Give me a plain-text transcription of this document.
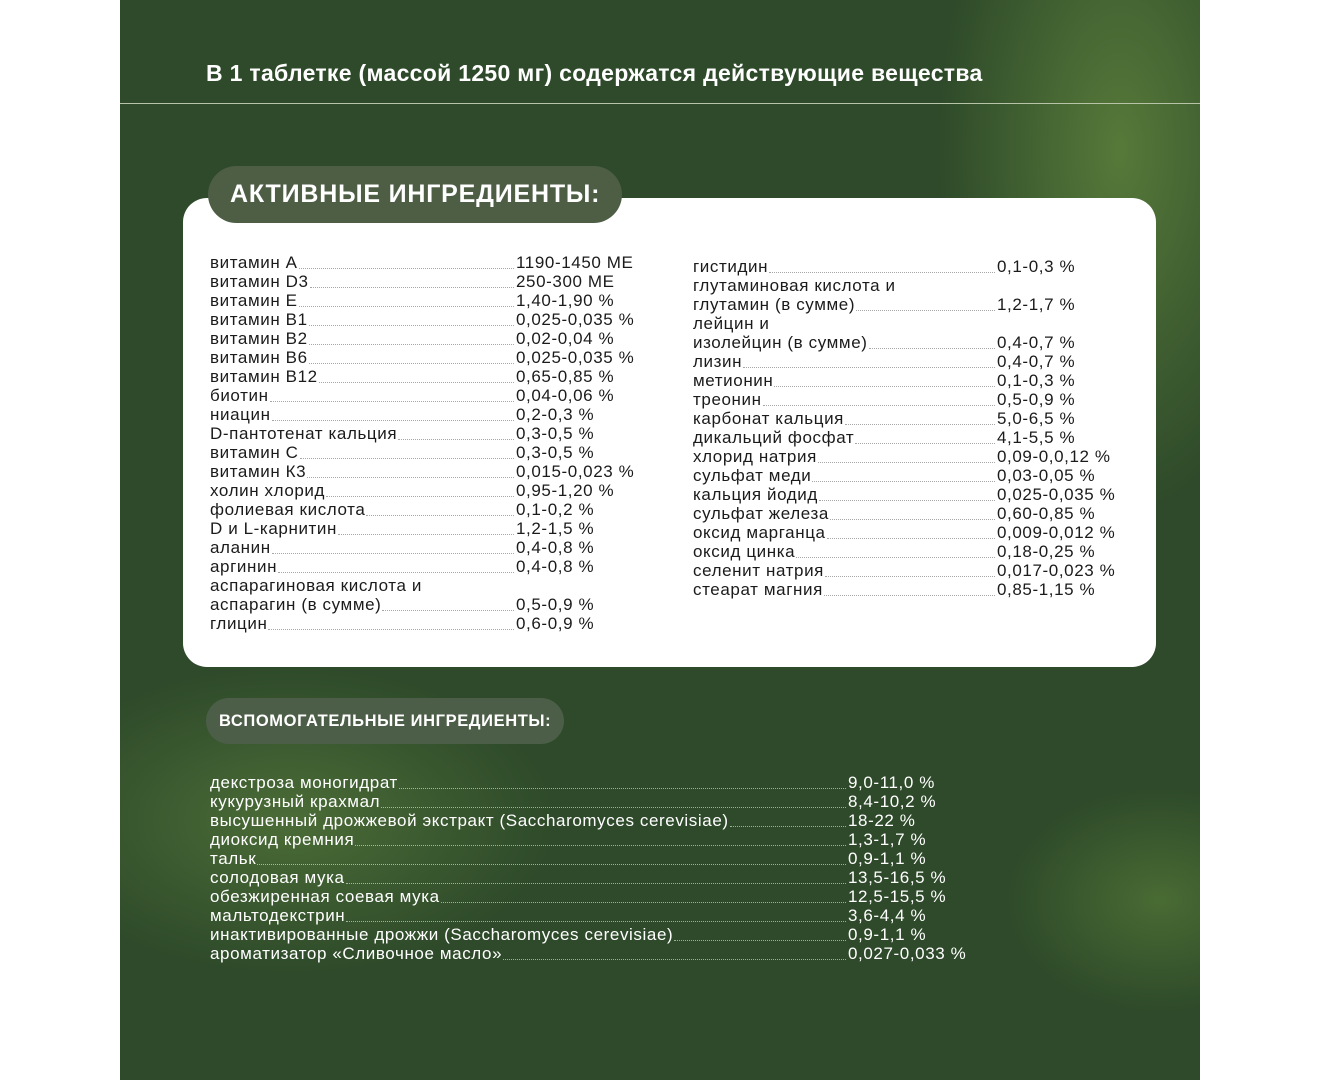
В 1 таблетке (массой 1250 мг) содержатся действующие вещества
АКТИВНЫЕ ИНГРЕДИЕНТЫ:
витамин А	1190-1450 МЕ
витамин D3	250-300 МЕ
витамин Е	1,40-1,90 %
витамин В1	0,025-0,035 %
витамин В2	0,02-0,04 %
витамин В6	0,025-0,035 %
витамин В12	0,65-0,85 %
биотин	0,04-0,06 %
ниацин	0,2-0,3 %
D-пантотенат кальция	0,3-0,5 %
витамин С	0,3-0,5 %
витамин К3	0,015-0,023 %
холин хлорид	0,95-1,20 %
фолиевая кислота	0,1-0,2 %
D и L-карнитин	1,2-1,5 %
аланин	0,4-0,8 %
аргинин	0,4-0,8 %
аспарагиновая кислота и
аспарагин (в сумме)	0,5-0,9 %
глицин	0,6-0,9 %
гистидин	0,1-0,3 %
глутаминовая кислота и
глутамин (в сумме)	1,2-1,7 %
лейцин и
изолейцин (в сумме)	0,4-0,7 %
лизин	0,4-0,7 %
метионин	0,1-0,3 %
треонин	0,5-0,9 %
карбонат кальция	5,0-6,5 %
дикальций фосфат	4,1-5,5 %
хлорид натрия	0,09-0,0,12 %
сульфат меди	0,03-0,05 %
кальция йодид	0,025-0,035 %
сульфат железа	0,60-0,85 %
оксид марганца	0,009-0,012 %
оксид цинка	0,18-0,25 %
селенит натрия	0,017-0,023 %
стеарат магния	0,85-1,15 %
ВСПОМОГАТЕЛЬНЫЕ ИНГРЕДИЕНТЫ:
декстроза моногидрат	9,0-11,0 %
кукурузный крахмал	8,4-10,2 %
высушенный дрожжевой экстракт (Saccharomyces cerevisiae)	18-22 %
диоксид кремния	1,3-1,7 %
тальк	0,9-1,1 %
солодовая мука	13,5-16,5 %
обезжиренная соевая мука	12,5-15,5 %
мальтодекстрин	3,6-4,4 %
инактивированные дрожжи (Saccharomyces cerevisiae)	0,9-1,1 %
ароматизатор «Сливочное масло»	0,027-0,033 %
